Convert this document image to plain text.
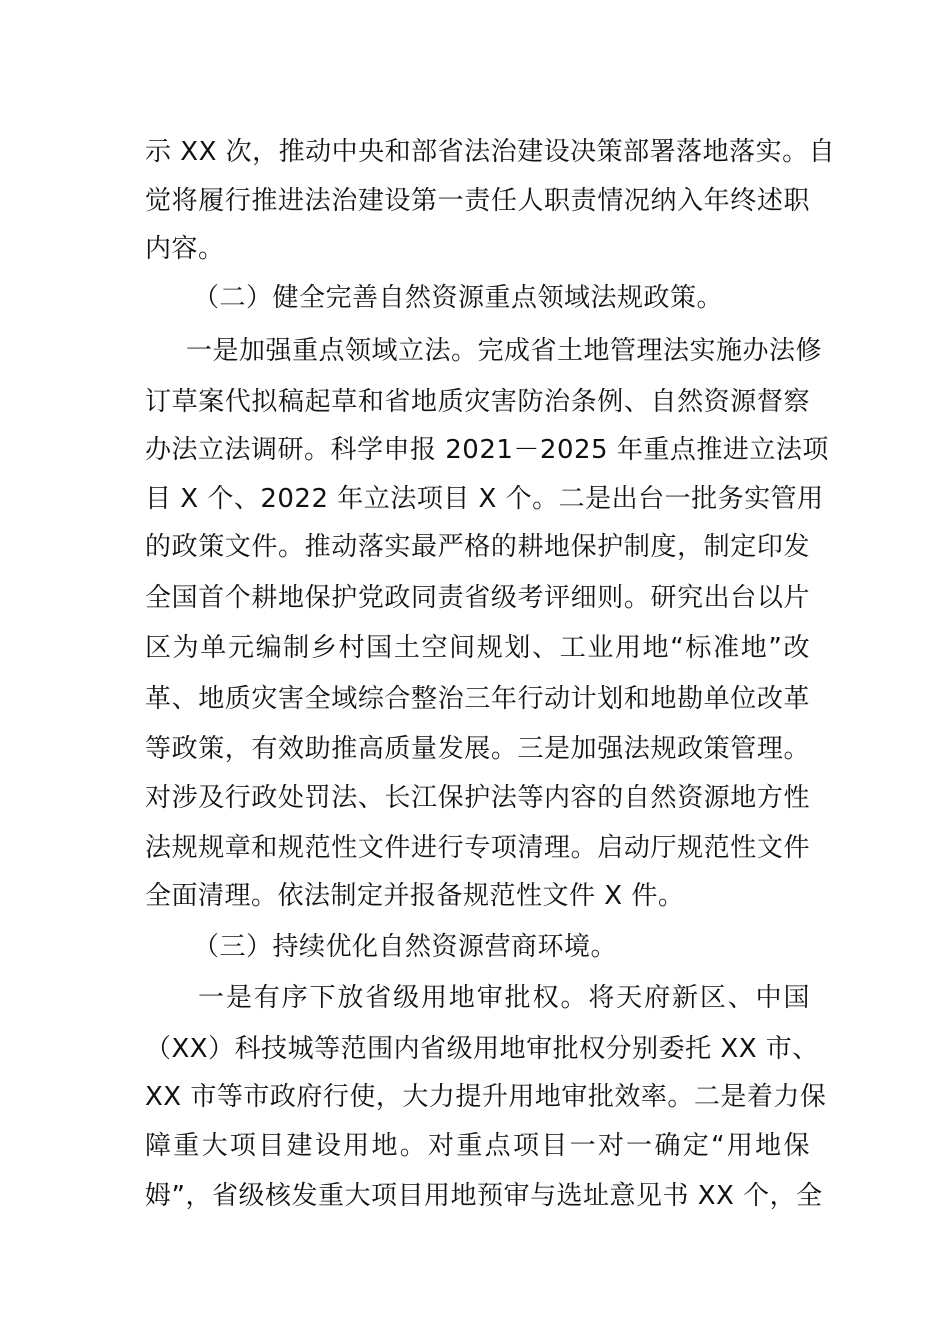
示 XX 次，推动中央和部省法治建设决策部署落地落实。自
觉将履行推进法治建设第一责任人职责情况纳入年终述职
内容。
（二）健全完善自然资源重点领域法规政策。
一是加强重点领域立法。完成省土地管理法实施办法修
订草案代拟稿起草和省地质灾害防治条例、自然资源督察
办法立法调研。科学申报 2021－2025 年重点推进立法项
目 X 个、2022 年立法项目 X 个。二是出台一批务实管用
的政策文件。推动落实最严格的耕地保护制度，制定印发
全国首个耕地保护党政同责省级考评细则。研究出台以片
区为单元编制乡村国土空间规划、工业用地“标准地”改
革、地质灾害全域综合整治三年行动计划和地勘单位改革
等政策，有效助推高质量发展。三是加强法规政策管理。
对涉及行政处罚法、长江保护法等内容的自然资源地方性
法规规章和规范性文件进行专项清理。启动厅规范性文件
全面清理。依法制定并报备规范性文件 X 件。
（三）持续优化自然资源营商环境。
一是有序下放省级用地审批权。将天府新区、中国
（XX）科技城等范围内省级用地审批权分别委托 XX 市、
XX 市等市政府行使，大力提升用地审批效率。二是着力保
障重大项目建设用地。对重点项目一对一确定“用地保
姆”，省级核发重大项目用地预审与选址意见书 XX 个，全
